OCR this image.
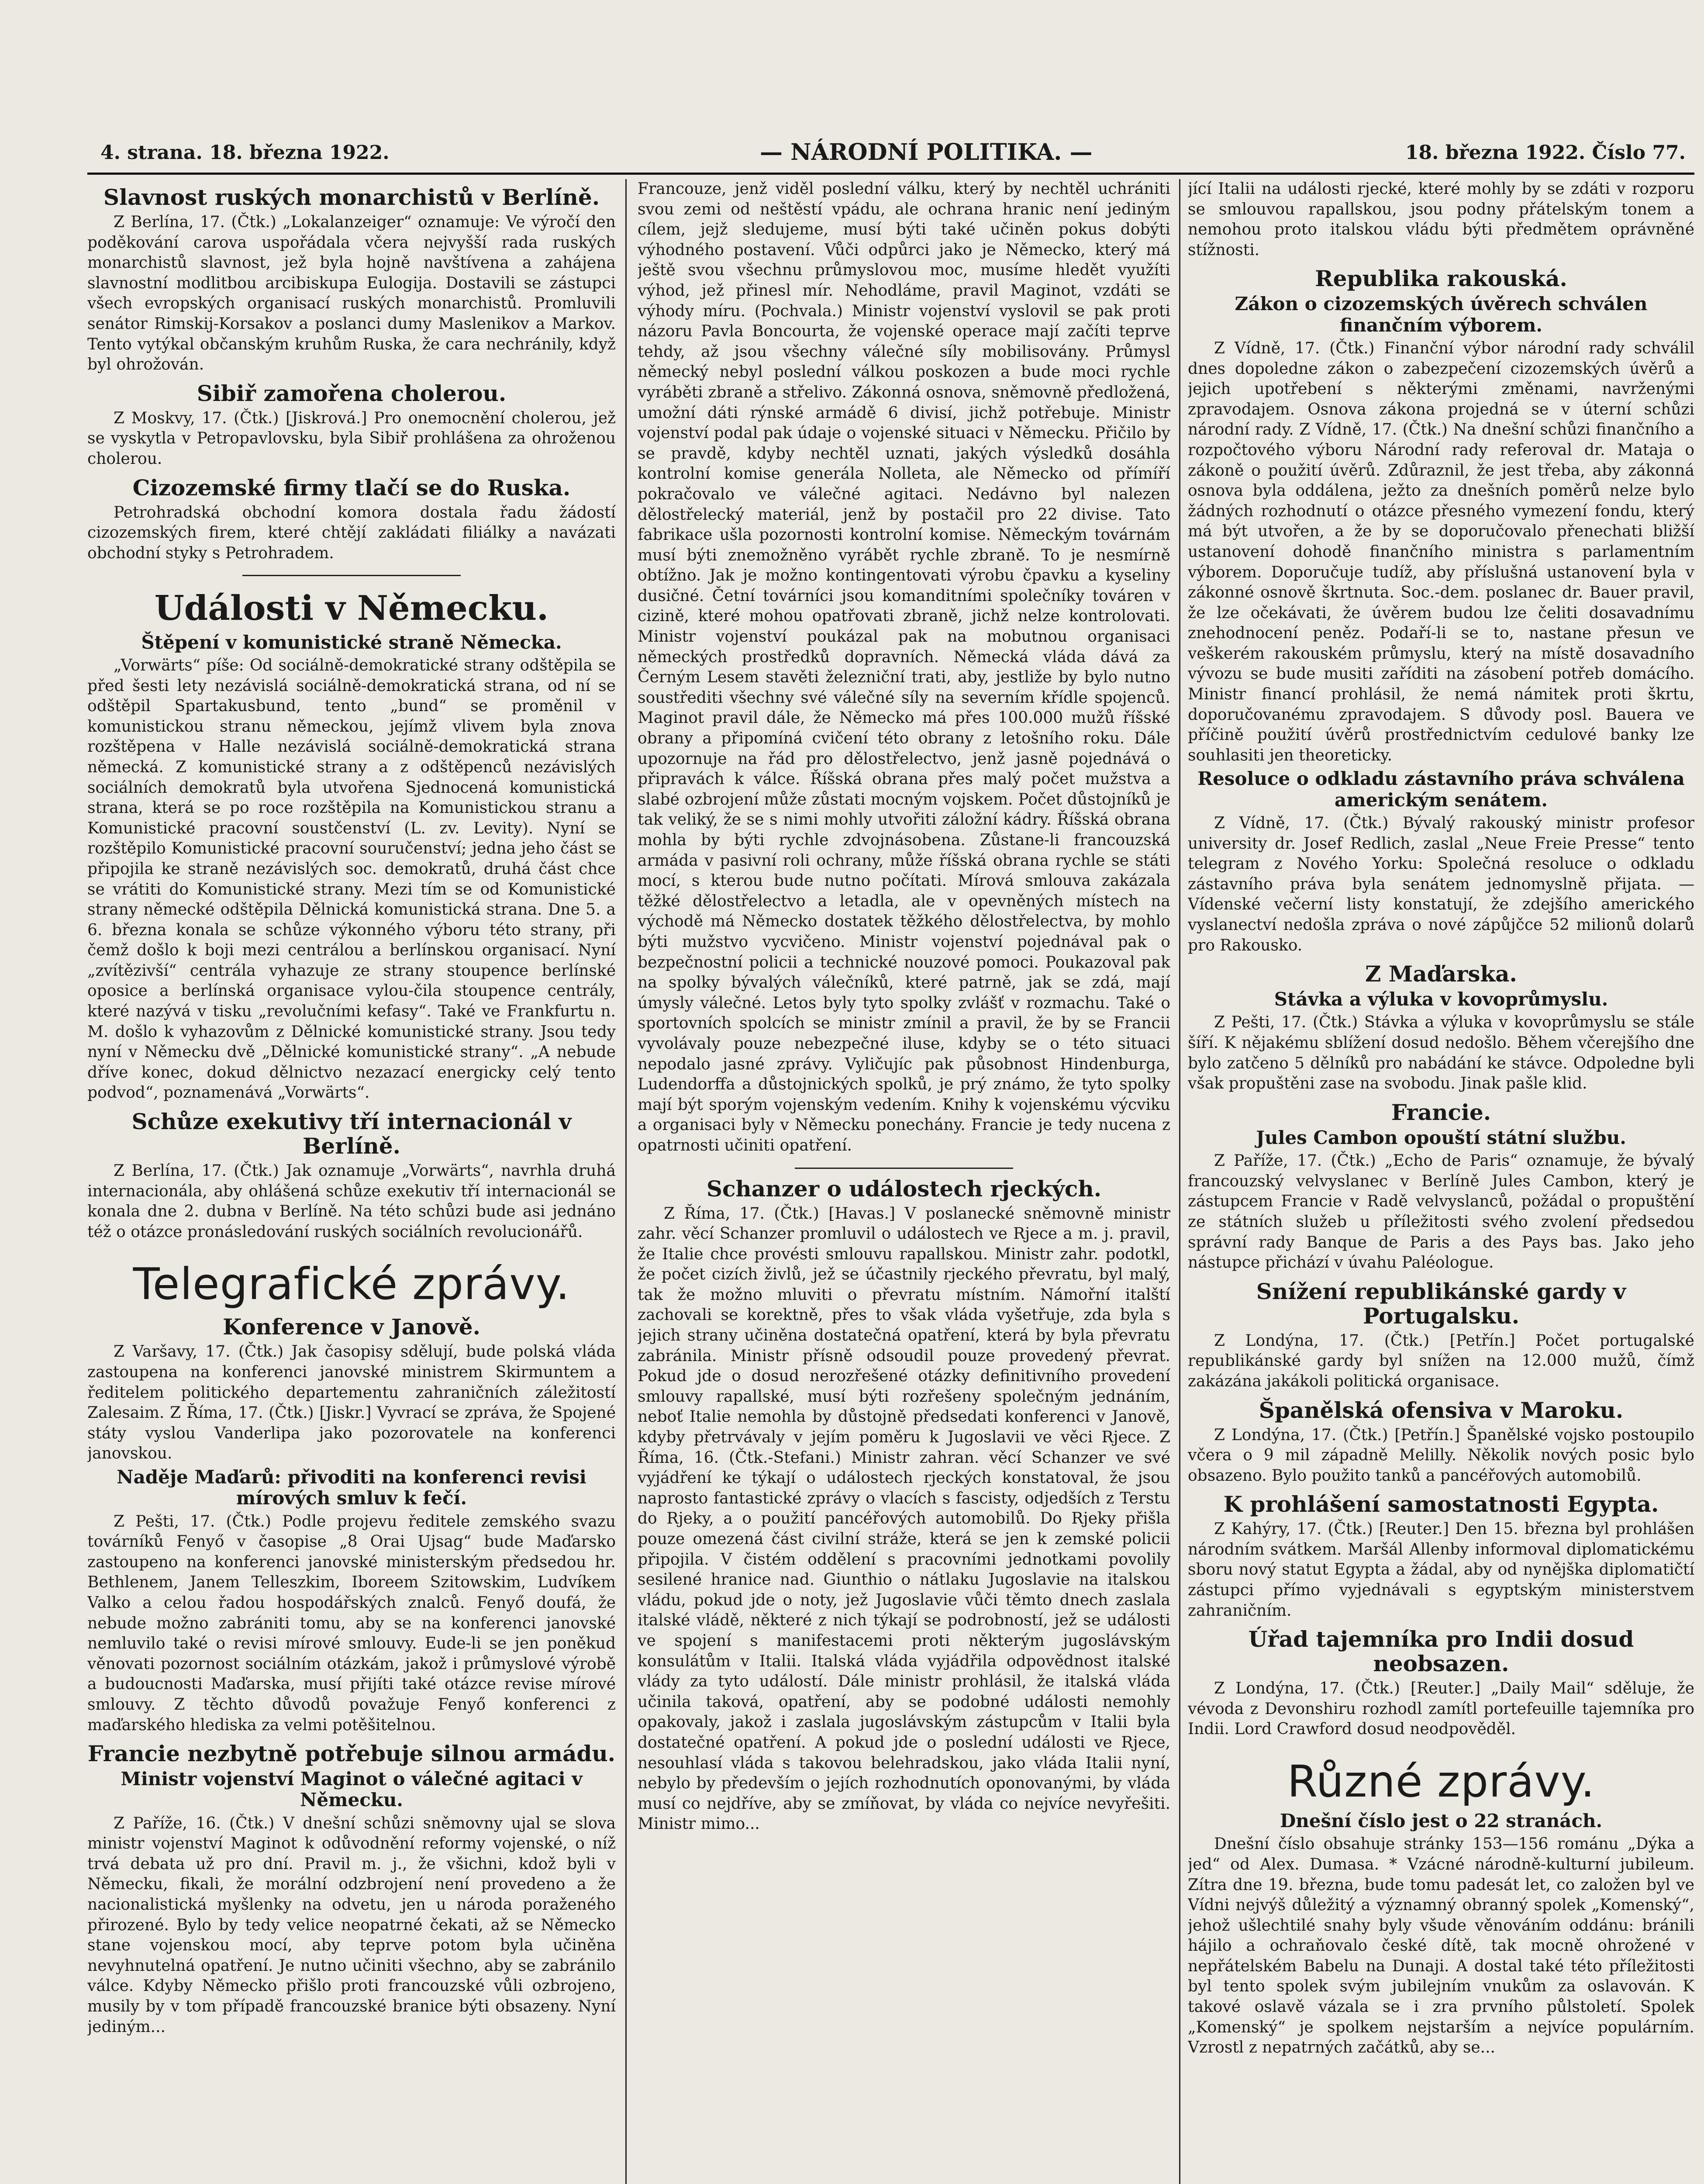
4. strana. 18. března 1922.	— NÁRODNÍ POLITIKA. —	18. března 1922. Číslo 77.
Slavnost ruských monarchistů v Berlíně.

Z Berlína, 17. (Čtk.) „Lokalanzeiger“ oznamuje: Ve výročí den poděkování carova uspořádala včera nejvyšší rada ruských monarchistů slavnost, jež byla hojně navštívena a zahájena slavnostní modlitbou arcibiskupa Eulogija. Dostavili se zástupci všech evropských organisací ruských monarchistů. Promluvili senátor Rimskij-Korsakov a poslanci dumy Maslenikov a Markov. Tento vytýkal občanským kruhům Ruska, že cara nechránily, když byl ohrožován.

Sibiř zamořena cholerou.

Z Moskvy, 17. (Čtk.) [Jiskrová.] Pro onemocnění cholerou, jež se vyskytla v Petropavlovsku, byla Sibiř prohlášena za ohroženou cholerou.

Cizozemské firmy tlačí se do Ruska.

Petrohradská obchodní komora dostala řadu žádostí cizozemských firem, které chtějí zakládati filiálky a navázati obchodní styky s Petrohradem.

Události v Německu.
Štěpení v komunistické straně Německa.

„Vorwärts“ píše: Od sociálně-demokratické strany odštěpila se před šesti lety nezávislá sociálně-demokratická strana, od ní se odštěpil Spartakusbund, tento „bund“ se proměnil v komunistickou stranu německou, jejímž vlivem byla znova rozštěpena v Halle nezávislá sociálně-demokratická strana německá. Z komunistické strany a z odštěpenců nezávislých sociálních demokratů byla utvořena Sjednocená komunistická strana, která se po roce rozštěpila na Komunistickou stranu a Komunistické pracovní soustčenství (L. zv. Levity). Nyní se rozštěpilo Komunistické pracovní souručenství; jedna jeho část se připojila ke straně nezávislých soc. demokratů, druhá část chce se vrátiti do Komunistické strany. Mezi tím se od Komunistické strany německé odštěpila Dělnická komunistická strana. Dne 5. a 6. března konala se schůze výkonného výboru této strany, při čemž došlo k boji mezi centrálou a berlínskou organisací. Nyní „zvítězivší“ centrála vyhazuje ze strany stoupence berlínské oposice a berlínská organisace vylou-čila stoupence centrály, které nazývá v tisku „revolučními kefasy“. Také ve Frankfurtu n. M. došlo k vyhazovům z Dělnické komunistické strany. Jsou tedy nyní v Německu dvě „Dělnické komunistické strany“. „A nebude dříve konec, dokud dělnictvo nezazací energicky celý tento podvod“, poznamenává „Vorwärts“.

Schůze exekutivy tří internacionál v Berlíně.

Z Berlína, 17. (Čtk.) Jak oznamuje „Vorwärts“, navrhla druhá internacionála, aby ohlášená schůze exekutiv tří internacionál se konala dne 2. dubna v Berlíně. Na této schůzi bude asi jednáno též o otázce pronásledování ruských sociálních revolucionářů.

Telegrafické zprávy.
Konference v Janově.

Z Varšavy, 17. (Čtk.) Jak časopisy sdělují, bude polská vláda zastoupena na konferenci janovské ministrem Skirmuntem a ředitelem politického departementu zahraničních záležitostí Zalesaim. Z Říma, 17. (Čtk.) [Jiskr.] Vyvrací se zpráva, že Spojené státy vyslou Vanderlipa jako pozorovatele na konferenci janovskou.

Naděje Maďarů: přivoditi na konferenci revisi mírových smluv k fečí.

Z Pešti, 17. (Čtk.) Podle projevu ředitele zemského svazu továrníků Fenyő v časopise „8 Orai Ujsag“ bude Maďarsko zastoupeno na konferenci janovské ministerským předsedou hr. Bethlenem, Janem Telleszkim, Iboreem Szitowskim, Ludvíkem Valko a celou řadou hospodářských znalců. Fenyő doufá, že nebude možno zabrániti tomu, aby se na konferenci janovské nemluvilo také o revisi mírové smlouvy. Eude-li se jen poněkud věnovati pozornost sociálním otázkám, jakož i průmyslové výrobě a budoucnosti Maďarska, musí přijíti také otázce revise mírové smlouvy. Z těchto důvodů považuje Fenyő konferenci z maďarského hlediska za velmi potěšitelnou.

Francie nezbytně potřebuje silnou armádu.
Ministr vojenství Maginot o válečné agitaci v Německu.

Z Paříže, 16. (Čtk.) V dnešní schůzi sněmovny ujal se slova ministr vojenství Maginot k odůvodnění reformy vojenské, o níž trvá debata už pro dní. Pravil m. j., že všichni, kdož byli v Německu, fikali, že morální odzbrojení není provedeno a že nacionalistická myšlenky na odvetu, jen u národa poraženého přirozené. Bylo by tedy velice neopatrné čekati, až se Německo stane vojenskou mocí, aby teprve potom byla učiněna nevyhnutelná opatření. Je nutno učiniti všechno, aby se zabránilo válce. Kdyby Německo přišlo proti francouzské vůli ozbrojeno, musily by v tom případě francouzské branice býti obsazeny. Nyní jediným...

Francouze, jenž viděl poslední válku, který by nechtěl uchrániti svou zemi od neštěstí vpádu, ale ochrana hranic není jediným cílem, jejž sledujeme, musí býti také učiněn pokus dobýti výhodného postavení. Vůči odpůrci jako je Německo, který má ještě svou všechnu průmyslovou moc, musíme hledět využíti výhod, jež přinesl mír. Nehodláme, pravil Maginot, vzdáti se výhody míru. (Pochvala.) Ministr vojenství vyslovil se pak proti názoru Pavla Boncourta, že vojenské operace mají začíti teprve tehdy, až jsou všechny válečné síly mobilisovány. Průmysl německý nebyl poslední válkou poskozen a bude moci rychle vyráběti zbraně a střelivo. Zákonná osnova, sněmovně předložená, umožní dáti rýnské armádě 6 divisí, jichž potřebuje. Ministr vojenství podal pak údaje o vojenské situaci v Německu. Přičilo by se pravdě, kdyby nechtěl uznati, jakých výsledků dosáhla kontrolní komise generála Nolleta, ale Německo od přímíří pokračovalo ve válečné agitaci. Nedávno byl nalezen dělostřelecký materiál, jenž by postačil pro 22 divise. Tato fabrikace ušla pozornosti kontrolní komise. Německým továrnám musí býti znemožněno vyrábět rychle zbraně. To je nesmírně obtížno. Jak je možno kontingentovati výrobu čpavku a kyseliny dusičné. Četní továrníci jsou komanditními společníky továren v cizině, které mohou opatřovati zbraně, jichž nelze kontrolovati. Ministr vojenství poukázal pak na mobutnou organisaci německých prostředků dopravních. Německá vláda dává za Černým Lesem stavěti železniční trati, aby, jestliže by bylo nutno soustřediti všechny své válečné síly na severním křídle spojenců. Maginot pravil dále, že Německo má přes 100.000 mužů říšské obrany a připomíná cvičení této obrany z letošního roku. Dále upozornuje na řád pro dělostřelectvo, jenž jasně pojednává o připravách k válce. Říšská obrana přes malý počet mužstva a slabé ozbrojení může zůstati mocným vojskem. Počet důstojníků je tak veliký, že se s nimi mohly utvořiti záložní kádry. Říšská obrana mohla by býti rychle zdvojnásobena. Zůstane-li francouzská armáda v pasivní roli ochrany, může říšská obrana rychle se státi mocí, s kterou bude nutno počítati. Mírová smlouva zakázala těžké dělostřelectvo a letadla, ale v opevněných místech na východě má Německo dostatek těžkého dělostřelectva, by mohlo býti mužstvo vycvičeno. Ministr vojenství pojednával pak o bezpečnostní policii a technické nouzové pomoci. Poukazoval pak na spolky bývalých válečníků, které patrně, jak se zdá, mají úmysly válečné. Letos byly tyto spolky zvlášť v rozmachu. Také o sportovních spolcích se ministr zmínil a pravil, že by se Francii vyvolávaly pouze nebezpečné iluse, kdyby se o této situaci nepodalo jasné zprávy. Vyličujíc pak působnost Hindenburga, Ludendorffa a důstojnických spolků, je prý známo, že tyto spolky mají být sporým vojenským vedením. Knihy k vojenskému výcviku a organisaci byly v Německu ponechány. Francie je tedy nucena z opatrnosti učiniti opatření.

Schanzer o událostech rjeckých.

Z Říma, 17. (Čtk.) [Havas.] V poslanecké sněmovně ministr zahr. věcí Schanzer promluvil o událostech ve Rjece a m. j. pravil, že Italie chce provésti smlouvu rapallskou. Ministr zahr. podotkl, že počet cizích živlů, jež se účastnily rjeckého převratu, byl malý, tak že možno mluviti o převratu místním. Námořní italští zachovali se korektně, přes to však vláda vyšetřuje, zda byla s jejich strany učiněna dostatečná opatření, která by byla převratu zabránila. Ministr přísně odsoudil pouze provedený převrat. Pokud jde o dosud nerozřešené otázky definitivního provedení smlouvy rapallské, musí býti rozřešeny společným jednáním, neboť Italie nemohla by důstojně předsedati konferenci v Janově, kdyby přetrvávaly v jejím poměru k Jugoslavii ve věci Rjece. Z Říma, 16. (Čtk.-Stefani.) Ministr zahran. věcí Schanzer ve své vyjádření ke týkají o událostech rjeckých konstatoval, že jsou naprosto fantastické zprávy o vlacích s fascisty, odjedších z Terstu do Rjeky, a o použití pancéřových automobilů. Do Rjeky přišla pouze omezená část civilní stráže, která se jen k zemské policii připojila. V čistém oddělení s pracovními jednotkami povolily sesilené hranice nad. Giunthio o nátlaku Jugoslavie na italskou vládu, pokud jde o noty, jež Jugoslavie vůči těmto dnech zaslala italské vládě, některé z nich týkají se podrobností, jež se události ve spojení s manifestacemi proti některým jugoslávským konsulátům v Italii. Italská vláda vyjádřila odpovědnost italské vlády za tyto událostí. Dále ministr prohlásil, že italská vláda učinila taková, opatření, aby se podobné události nemohly opakovaly, jakož i zaslala jugoslávským zástupcům v Italii byla dostatečné opatření. A pokud jde o poslední události ve Rjece, nesouhlasí vláda s takovou belehradskou, jako vláda Italii nyní, nebylo by především o jejích rozhodnutích oponovanými, by vláda musí co nejdříve, aby se zmíňovat, by vláda co nejvíce nevyřešiti. Ministr mimo...

jící Italii na události rjecké, které mohly by se zdáti v rozporu se smlouvou rapallskou, jsou podny přátelským tonem a nemohou proto italskou vládu býti předmětem oprávněné stížnosti.

Republika rakouská.
Zákon o cizozemských úvěrech schválen finančním výborem.

Z Vídně, 17. (Čtk.) Finanční výbor národní rady schválil dnes dopoledne zákon o zabezpečení cizozemských úvěrů a jejich upotřebení s některými změnami, navrženými zpravodajem. Osnova zákona projedná se v úterní schůzi národní rady. Z Vídně, 17. (Čtk.) Na dnešní schůzi finančního a rozpočtového výboru Národní rady referoval dr. Mataja o zákoně o použití úvěrů. Zdůraznil, že jest třeba, aby zákonná osnova byla oddálena, ježto za dnešních poměrů nelze bylo žádných rozhodnutí o otázce přesného vymezení fondu, který má být utvořen, a že by se doporučovalo přenechati bližší ustanovení dohodě finančního ministra s parlamentním výborem. Doporučuje tudíž, aby příslušná ustanovení byla v zákonné osnově škrtnuta. Soc.-dem. poslanec dr. Bauer pravil, že lze očekávati, že úvěrem budou lze čeliti dosavadnímu znehodnocení peněz. Podaří-li se to, nastane přesun ve veškerém rakouském průmyslu, který na místě dosavadního vývozu se bude musiti zaříditi na zásobení potřeb domácího. Ministr financí prohlásil, že nemá námitek proti škrtu, doporučovanému zpravodajem. S důvody posl. Bauera ve příčině použití úvěrů prostřednictvím cedulové banky lze souhlasiti jen theoreticky.

Resoluce o odkladu zástavního práva schválena americkým senátem.

Z Vídně, 17. (Čtk.) Bývalý rakouský ministr profesor university dr. Josef Redlich, zaslal „Neue Freie Presse“ tento telegram z Nového Yorku: Společná resoluce o odkladu zástavního práva byla senátem jednomyslně přijata. — Vídenské večerní listy konstatují, že zdejšího amerického vyslanectví nedošla zpráva o nové zápůjčce 52 milionů dolarů pro Rakousko.

Z Maďarska.
Stávka a výluka v kovoprůmyslu.

Z Pešti, 17. (Čtk.) Stávka a výluka v kovoprůmyslu se stále šíří. K nějakému sblížení dosud nedošlo. Během včerejšího dne bylo zatčeno 5 dělníků pro nabádání ke stávce. Odpoledne byli však propuštěni zase na svobodu. Jinak pašle klid.

Francie.
Jules Cambon opouští státní službu.

Z Paříže, 17. (Čtk.) „Echo de Paris“ oznamuje, že bývalý francouzský velvyslanec v Berlíně Jules Cambon, který je zástupcem Francie v Radě velvyslanců, požádal o propuštění ze státních služeb u příležitosti svého zvolení předsedou správní rady Banque de Paris a des Pays bas. Jako jeho nástupce přichází v úvahu Paléologue.

Snížení republikánské gardy v Portugalsku.

Z Londýna, 17. (Čtk.) [Petřín.] Počet portugalské republikánské gardy byl snížen na 12.000 mužů, čímž zakázána jakákoli politická organisace.

Španělská ofensiva v Maroku.

Z Londýna, 17. (Čtk.) [Petřín.] Španělské vojsko postoupilo včera o 9 mil západně Melilly. Několik nových posic bylo obsazeno. Bylo použito tanků a pancéřových automobilů.

K prohlášení samostatnosti Egypta.

Z Kahýry, 17. (Čtk.) [Reuter.] Den 15. března byl prohlášen národním svátkem. Maršál Allenby informoval diplomatickému sboru nový statut Egypta a žádal, aby od nynějška diplomatičtí zástupci přímo vyjednávali s egyptským ministerstvem zahraničním.

Úřad tajemníka pro Indii dosud neobsazen.

Z Londýna, 17. (Čtk.) [Reuter.] „Daily Mail“ sděluje, že vévoda z Devonshiru rozhodl zamítl portefeuille tajemníka pro Indii. Lord Crawford dosud neodpověděl.

Různé zprávy.
Dnešní číslo jest o 22 stranách.

Dnešní číslo obsahuje stránky 153—156 románu „Dýka a jed“ od Alex. Dumasa. * Vzácné národně-kulturní jubileum. Zítra dne 19. března, bude tomu padesát let, co založen byl ve Vídni nejvýš důležitý a významný obranný spolek „Komenský“, jehož ušlechtilé snahy byly všude věnováním oddánu: bránili hájilo a ochraňovalo české dítě, tak mocně ohrožené v nepřátelském Babelu na Dunaji. A dostal také této příležitosti byl tento spolek svým jubilejním vnukům za oslavován. K takové oslavě vázala se i zra prvního půlstoletí. Spolek „Komenský“ je spolkem nejstarším a nejvíce populárním. Vzrostl z nepatrných začátků, aby se...
